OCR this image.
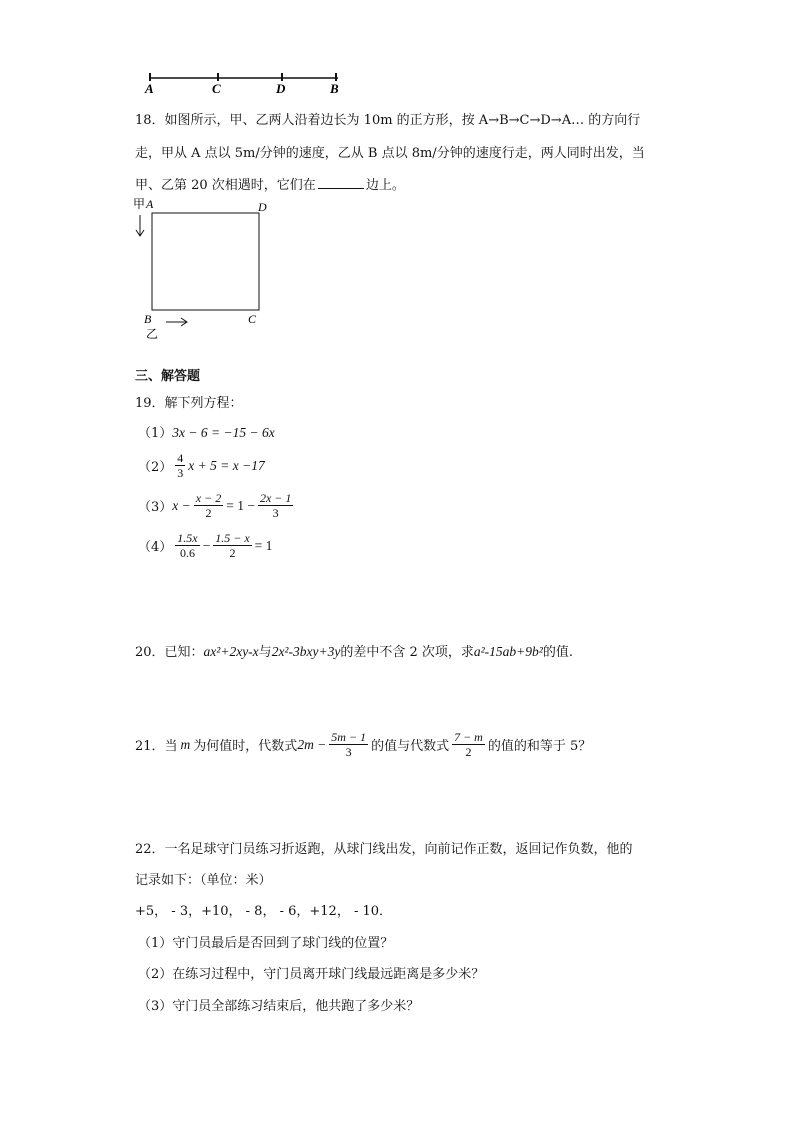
A	C	D	B
18．如图所示，甲、乙两人沿着边长为 10m 的正方形，按 A→B→C→D→A… 的方向行
走，甲从 A 点以 5m/分钟的速度，乙从 B 点以 8m/分钟的速度行走，两人同时出发，当
甲、乙第 20 次相遇时，它们在	边上。
甲 A	D
B	C
乙
三、解答题
19．解下列方程：
（1）3x − 6 = −15 − 6x
$(2) \frac{4}{3}$ x + 5 = x −17
（3） $x - \frac{x - 2}{2} = 1 - \frac{2x - 1}{3}$
$(4) \frac{1.5x}{0.6} - \frac{1.5 - x}{2} = 1$
20．已知：ax²+2xy-x与2x²-3bxy+3y的差中不含 2 次项，求a²-15ab+9b²的值.
21．当 m 为何值时，代数式 $2m - \frac{5m - 1}{3}$ 的值与代数式 $\frac{7 - m}{2}$ 的值的和等于 5？
22．一名足球守门员练习折返跑，从球门线出发，向前记作正数，返回记作负数，他的
记录如下：（单位：米）
+5， - 3，+10， - 8， - 6，+12， - 10．
（1）守门员最后是否回到了球门线的位置？
（2）在练习过程中，守门员离开球门线最远距离是多少米？
（3）守门员全部练习结束后，他共跑了多少米？
